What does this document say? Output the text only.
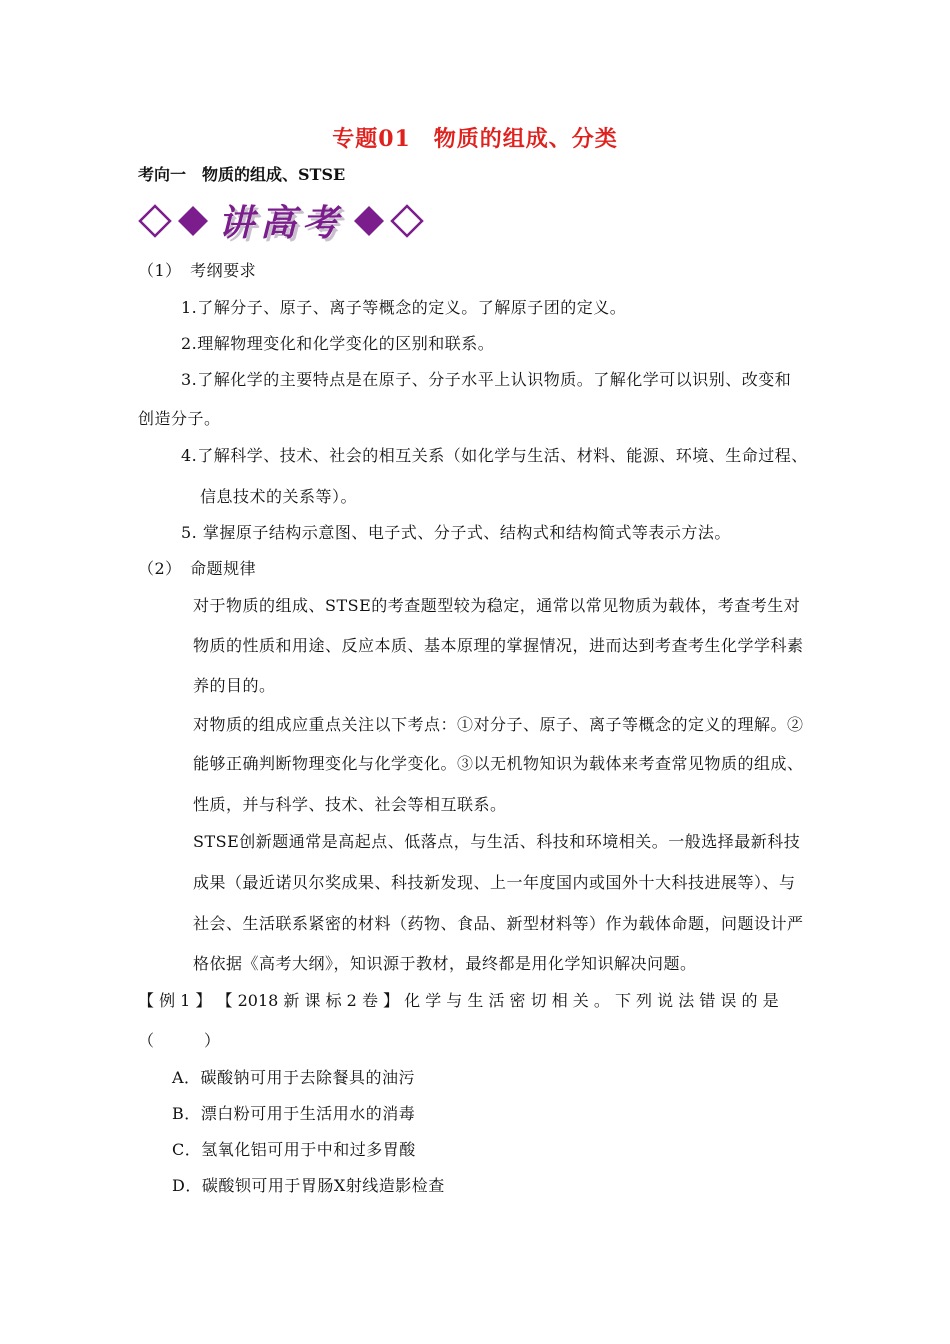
专题01　物质的组成、分类
考向一　物质的组成、STSE
讲高考
（1）　考纲要求
1.了解分子、原子、离子等概念的定义。了解原子团的定义。
2.理解物理变化和化学变化的区别和联系。
3.了解化学的主要特点是在原子、分子水平上认识物质。了解化学可以识别、改变和
创造分子。
4.了解科学、技术、社会的相互关系（如化学与生活、材料、能源、环境、生命过程、
信息技术的关系等）。
5. 掌握原子结构示意图、电子式、分子式、结构式和结构简式等表示方法。
（2）　命题规律
对于物质的组成、STSE的考查题型较为稳定，通常以常见物质为载体，考查考生对
物质的性质和用途、反应本质、基本原理的掌握情况，进而达到考查考生化学学科素
养的目的。
对物质的组成应重点关注以下考点：①对分子、原子、离子等概念的定义的理解。②
能够正确判断物理变化与化学变化。③以无机物知识为载体来考查常见物质的组成、
性质，并与科学、技术、社会等相互联系。
STSE创新题通常是高起点、低落点，与生活、科技和环境相关。一般选择最新科技
成果（最近诺贝尔奖成果、科技新发现、上一年度国内或国外十大科技进展等）、与
社会、生活联系紧密的材料（药物、食品、新型材料等）作为载体命题，问题设计严
格依据《高考大纲》，知识源于教材，最终都是用化学知识解决问题。
【 例 1 】 【 2018 新 课 标 2 卷 】 化 学 与 生 活 密 切 相 关 。 下 列 说 法 错 误 的 是
（　　　）
A．碳酸钠可用于去除餐具的油污
B．漂白粉可用于生活用水的消毒
C．氢氧化铝可用于中和过多胃酸
D．碳酸钡可用于胃肠X射线造影检查
